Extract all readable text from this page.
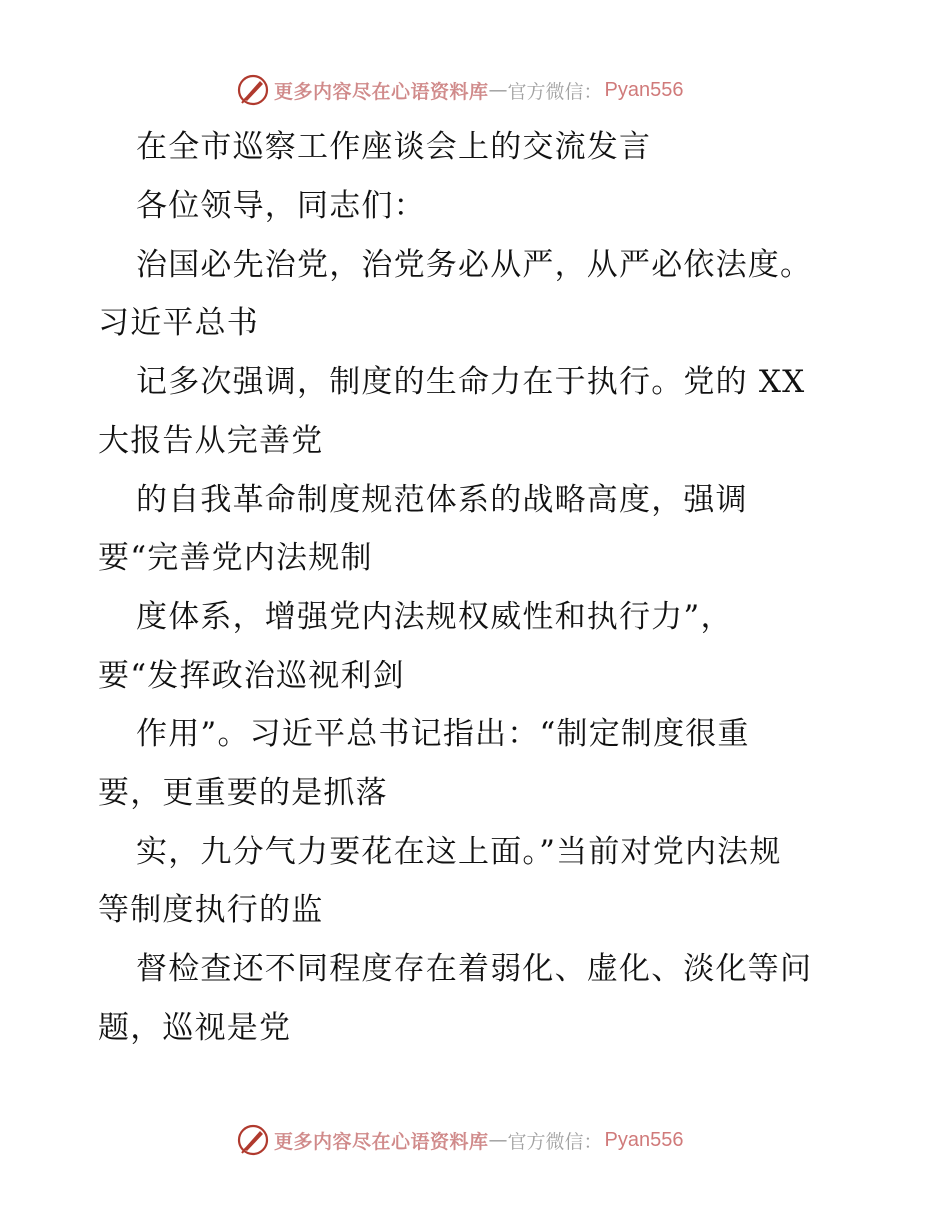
更多内容尽在心语资料库 — 官方微信： Pyan556
在全市巡察工作座谈会上的交流发言
各位领导，同志们：
治国必先治党，治党务必从严，从严必依法度。
习近平总书
记多次强调，制度的生命力在于执行。党的 XX
大报告从完善党
的自我革命制度规范体系的战略高度，强调
要“完善党内法规制
度体系，增强党内法规权威性和执行力”，
要“发挥政治巡视利剑
作用”。习近平总书记指出：“制定制度很重
要，更重要的是抓落
实，九分气力要花在这上面。”当前对党内法规
等制度执行的监
督检查还不同程度存在着弱化、虚化、淡化等问
题，巡视是党
更多内容尽在心语资料库 — 官方微信： Pyan556
